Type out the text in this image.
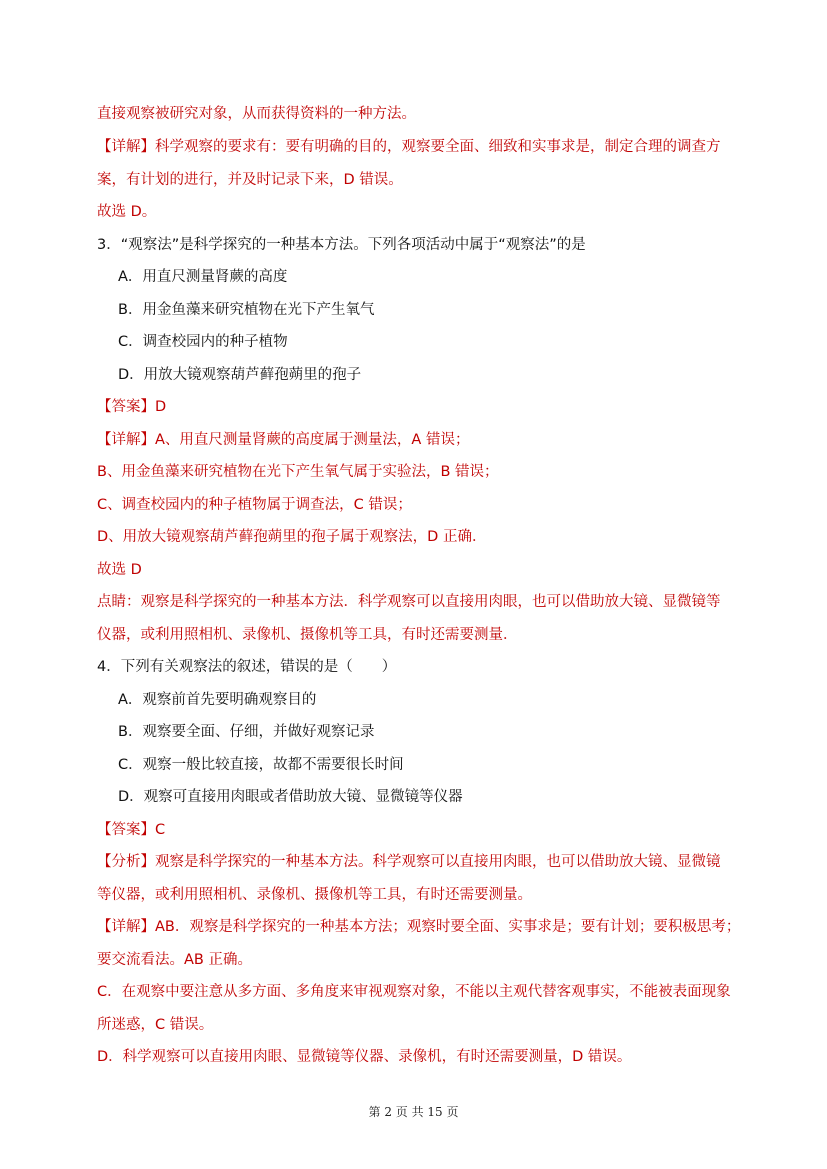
直接观察被研究对象，从而获得资料的一种方法。
【详解】科学观察的要求有：要有明确的目的，观察要全面、细致和实事求是，制定合理的调查方
案，有计划的进行，并及时记录下来，D 错误。
故选 D。
3．“观察法”是科学探究的一种基本方法。下列各项活动中属于“观察法”的是
A．用直尺测量肾蕨的高度
B．用金鱼藻来研究植物在光下产生氧气
C．调查校园内的种子植物
D．用放大镜观察葫芦藓孢蒴里的孢子
【答案】D
【详解】A、用直尺测量肾蕨的高度属于测量法，A 错误；
B、用金鱼藻来研究植物在光下产生氧气属于实验法，B 错误；
C、调查校园内的种子植物属于调查法，C 错误；
D、用放大镜观察葫芦藓孢蒴里的孢子属于观察法，D 正确．
故选 D
点睛：观察是科学探究的一种基本方法．科学观察可以直接用肉眼，也可以借助放大镜、显微镜等
仪器，或利用照相机、录像机、摄像机等工具，有时还需要测量．
4．下列有关观察法的叙述，错误的是（　　）
A．观察前首先要明确观察目的
B．观察要全面、仔细，并做好观察记录
C．观察一般比较直接，故都不需要很长时间
D．观察可直接用肉眼或者借助放大镜、显微镜等仪器
【答案】C
【分析】观察是科学探究的一种基本方法。科学观察可以直接用肉眼，也可以借助放大镜、显微镜
等仪器，或利用照相机、录像机、摄像机等工具，有时还需要测量。
【详解】AB．观察是科学探究的一种基本方法；观察时要全面、实事求是；要有计划；要积极思考；
要交流看法。AB 正确。
C．在观察中要注意从多方面、多角度来审视观察对象，不能以主观代替客观事实，不能被表面现象
所迷惑，C 错误。
D．科学观察可以直接用肉眼、显微镜等仪器、录像机，有时还需要测量，D 错误。
第 2 页 共 15 页
